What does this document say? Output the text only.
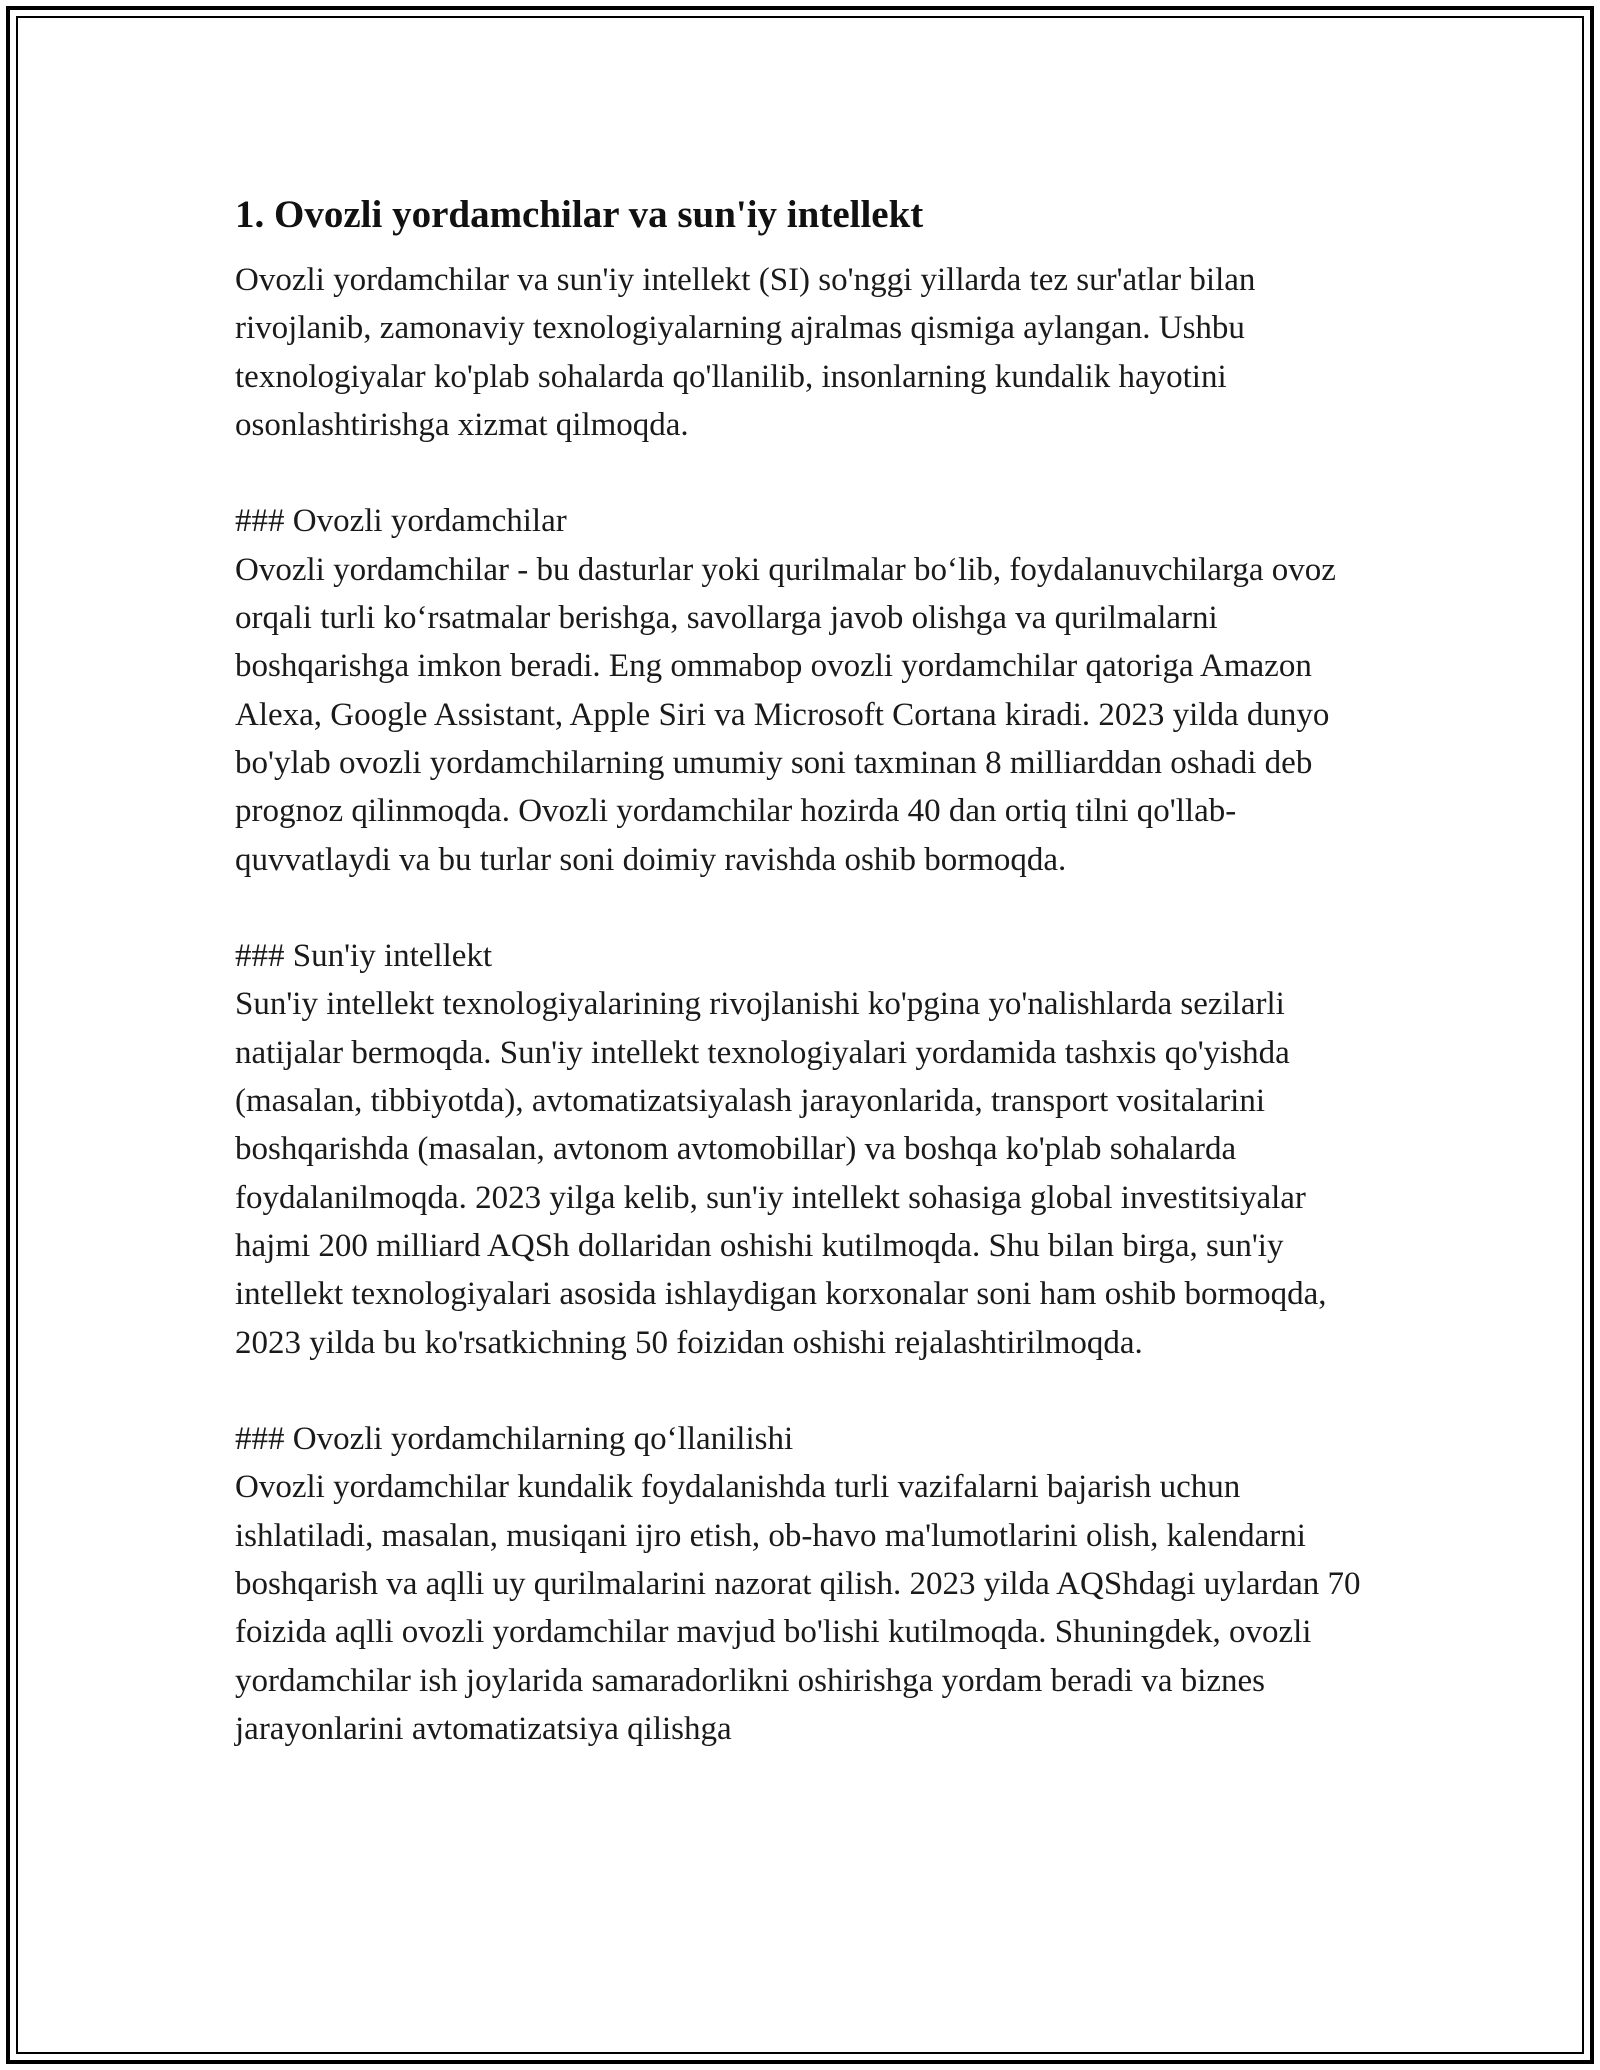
1. Ovozli yordamchilar va sun'iy intellekt

Ovozli yordamchilar va sun'iy intellekt (SI) so'nggi yillarda tez sur'atlar bilan rivojlanib, zamonaviy texnologiyalarning ajralmas qismiga aylangan. Ushbu texnologiyalar ko'plab sohalarda qo'llanilib, insonlarning kundalik hayotini osonlashtirishga xizmat qilmoqda.

### Ovozli yordamchilar

Ovozli yordamchilar - bu dasturlar yoki qurilmalar bo‘lib, foydalanuvchilarga ovoz orqali turli ko‘rsatmalar berishga, savollarga javob olishga va qurilmalarni boshqarishga imkon beradi. Eng ommabop ovozli yordamchilar qatoriga Amazon Alexa, Google Assistant, Apple Siri va Microsoft Cortana kiradi. 2023 yilda dunyo bo'ylab ovozli yordamchilarning umumiy soni taxminan 8 milliarddan oshadi deb prognoz qilinmoqda. Ovozli yordamchilar hozirda 40 dan ortiq tilni qo'llab-quvvatlaydi va bu turlar soni doimiy ravishda oshib bormoqda.

### Sun'iy intellekt

Sun'iy intellekt texnologiyalarining rivojlanishi ko'pgina yo'nalishlarda sezilarli natijalar bermoqda. Sun'iy intellekt texnologiyalari yordamida tashxis qo'yishda (masalan, tibbiyotda), avtomatizatsiyalash jarayonlarida, transport vositalarini boshqarishda (masalan, avtonom avtomobillar) va boshqa ko'plab sohalarda foydalanilmoqda. 2023 yilga kelib, sun'iy intellekt sohasiga global investitsiyalar hajmi 200 milliard AQSh dollaridan oshishi kutilmoqda. Shu bilan birga, sun'iy intellekt texnologiyalari asosida ishlaydigan korxonalar soni ham oshib bormoqda, 2023 yilda bu ko'rsatkichning 50 foizidan oshishi rejalashtirilmoqda.

### Ovozli yordamchilarning qo‘llanilishi

Ovozli yordamchilar kundalik foydalanishda turli vazifalarni bajarish uchun ishlatiladi, masalan, musiqani ijro etish, ob-havo ma'lumotlarini olish, kalendarni boshqarish va aqlli uy qurilmalarini nazorat qilish. 2023 yilda AQShdagi uylardan 70 foizida aqlli ovozli yordamchilar mavjud bo'lishi kutilmoqda. Shuningdek, ovozli yordamchilar ish joylarida samaradorlikni oshirishga yordam beradi va biznes jarayonlarini avtomatizatsiya qilishga
